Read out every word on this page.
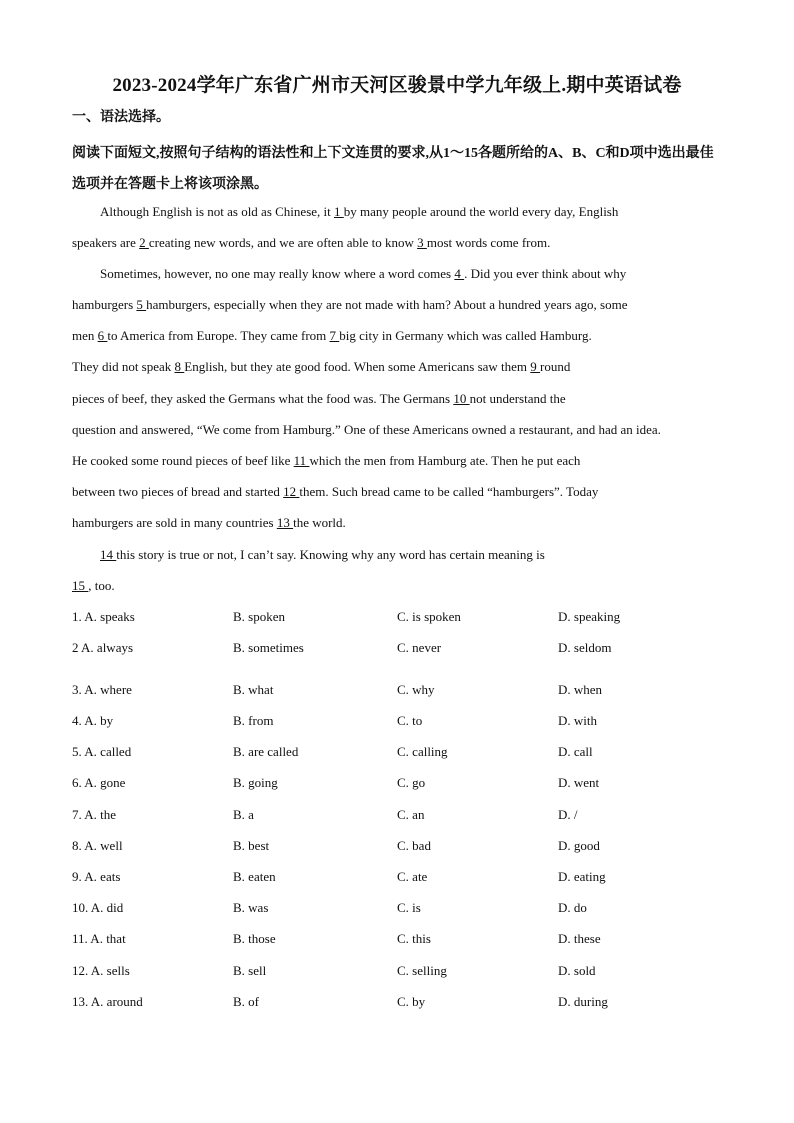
2023-2024学年广东省广州市天河区骏景中学九年级上.期中英语试卷
一、语法选择。
阅读下面短文,按照句子结构的语法性和上下文连贯的要求,从1～15各题所给的A、B、C和D项中选出最佳选项并在答题卡上将该项涂黑。
Although English is not as old as Chinese, it 1 by many people around the world every day, English
speakers are 2 creating new words, and we are often able to know 3 most words come from.
Sometimes, however, no one may really know where a word comes 4 . Did you ever think about why
hamburgers 5 hamburgers, especially when they are not made with ham? About a hundred years ago, some
men 6 to America from Europe. They came from 7 big city in Germany which was called Hamburg.
They did not speak 8 English, but they ate good food. When some Americans saw them 9 round
pieces of beef, they asked the Germans what the food was. The Germans 10 not understand the
question and answered, “We come from Hamburg.” One of these Americans owned a restaurant, and had an idea.
He cooked some round pieces of beef like 11 which the men from Hamburg ate. Then he put each
between two pieces of bread and started 12 them. Such bread came to be called “hamburgers”. Today
hamburgers are sold in many countries 13 the world.
14 this story is true or not, I can’t say. Knowing why any word has certain meaning is
15 , too.
1. A. speaks	B. spoken	C. is spoken	D. speaking
2 A. always	B. sometimes	C. never	D. seldom
3. A. where	B. what	C. why	D. when
4. A. by	B. from	C. to	D. with
5. A. called	B. are called	C. calling	D. call
6. A. gone	B. going	C. go	D. went
7. A. the	B. a	C. an	D. /
8. A. well	B. best	C. bad	D. good
9. A. eats	B. eaten	C. ate	D. eating
10. A. did	B. was	C. is	D. do
11. A. that	B. those	C. this	D. these
12. A. sells	B. sell	C. selling	D. sold
13. A. around	B. of	C. by	D. during
